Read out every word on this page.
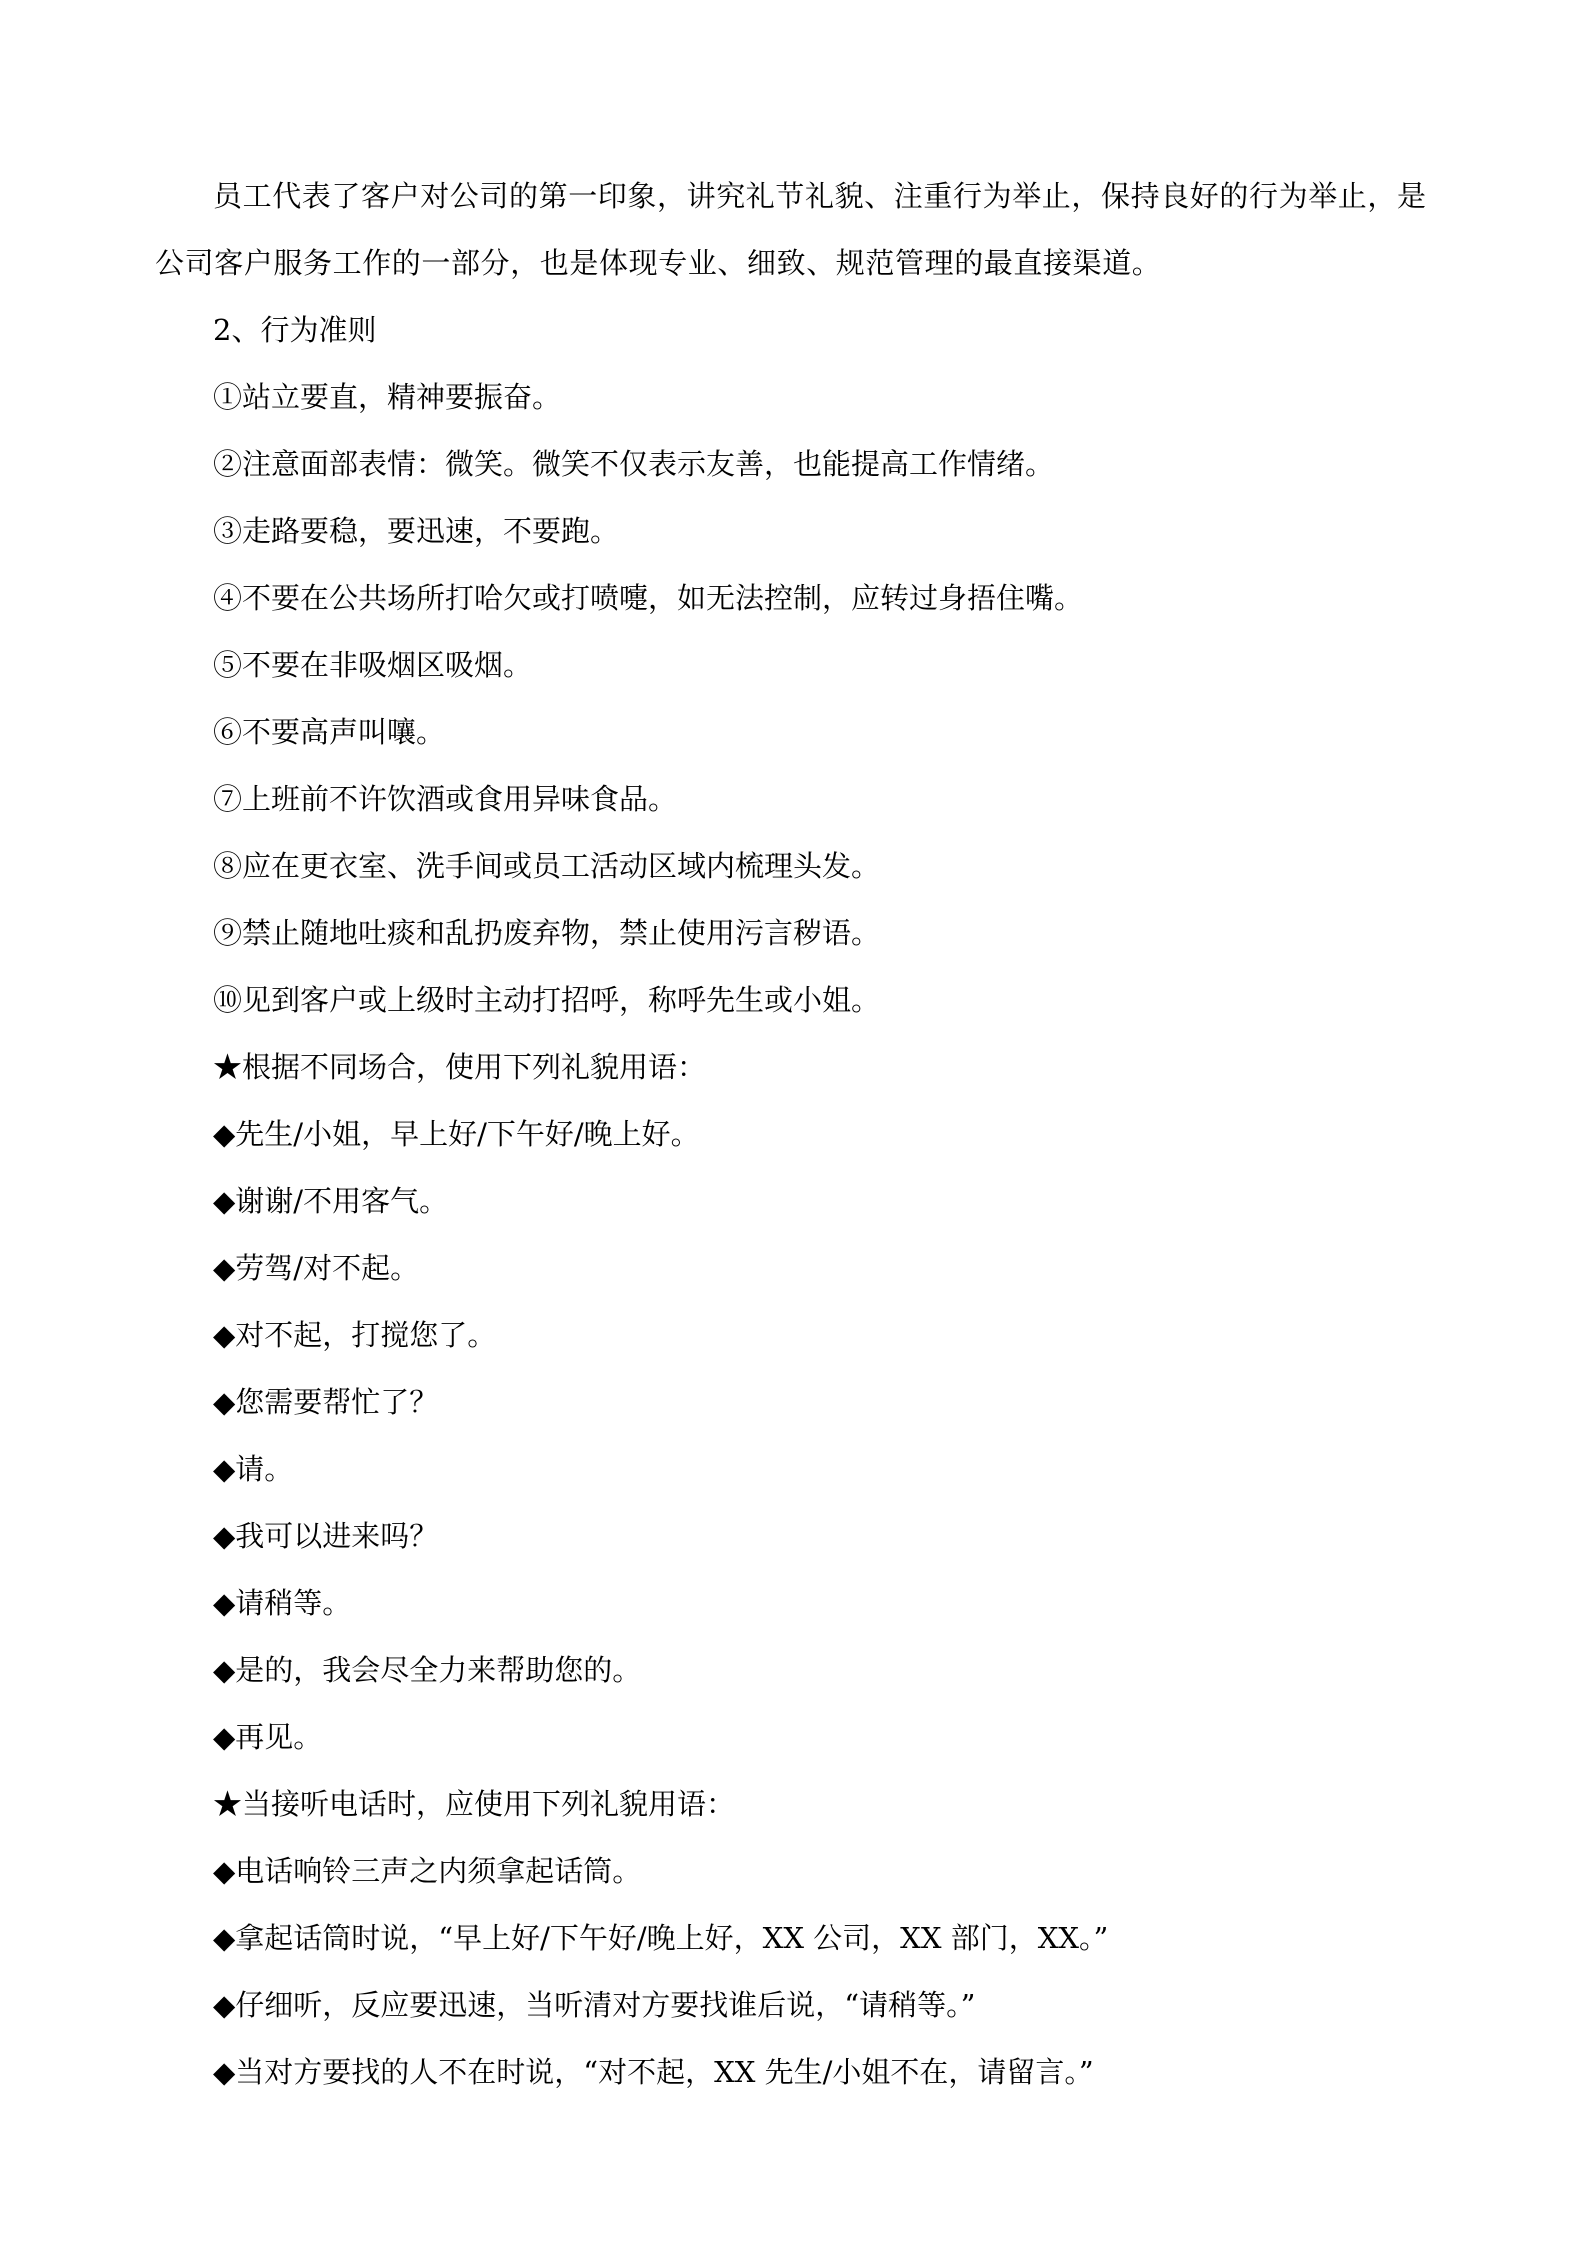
员工代表了客户对公司的第一印象，讲究礼节礼貌、注重行为举止，保持良好的行为举止，是公司客户服务工作的一部分，也是体现专业、细致、规范管理的最直接渠道。

2、行为准则

①站立要直，精神要振奋。

②注意面部表情：微笑。微笑不仅表示友善，也能提高工作情绪。

③走路要稳，要迅速，不要跑。

④不要在公共场所打哈欠或打喷嚏，如无法控制，应转过身捂住嘴。

⑤不要在非吸烟区吸烟。

⑥不要高声叫嚷。

⑦上班前不许饮酒或食用异味食品。

⑧应在更衣室、洗手间或员工活动区域内梳理头发。

⑨禁止随地吐痰和乱扔废弃物，禁止使用污言秽语。

⑩见到客户或上级时主动打招呼，称呼先生或小姐。

★根据不同场合，使用下列礼貌用语：

◆先生/小姐，早上好/下午好/晚上好。

◆谢谢/不用客气。

◆劳驾/对不起。

◆对不起，打搅您了。

◆您需要帮忙了？

◆请。

◆我可以进来吗？

◆请稍等。

◆是的，我会尽全力来帮助您的。

◆再见。

★当接听电话时，应使用下列礼貌用语：

◆电话响铃三声之内须拿起话筒。

◆拿起话筒时说，“早上好/下午好/晚上好，XX 公司，XX 部门，XX。”

◆仔细听，反应要迅速，当听清对方要找谁后说，“请稍等。”

◆当对方要找的人不在时说，“对不起，XX 先生/小姐不在，请留言。”
